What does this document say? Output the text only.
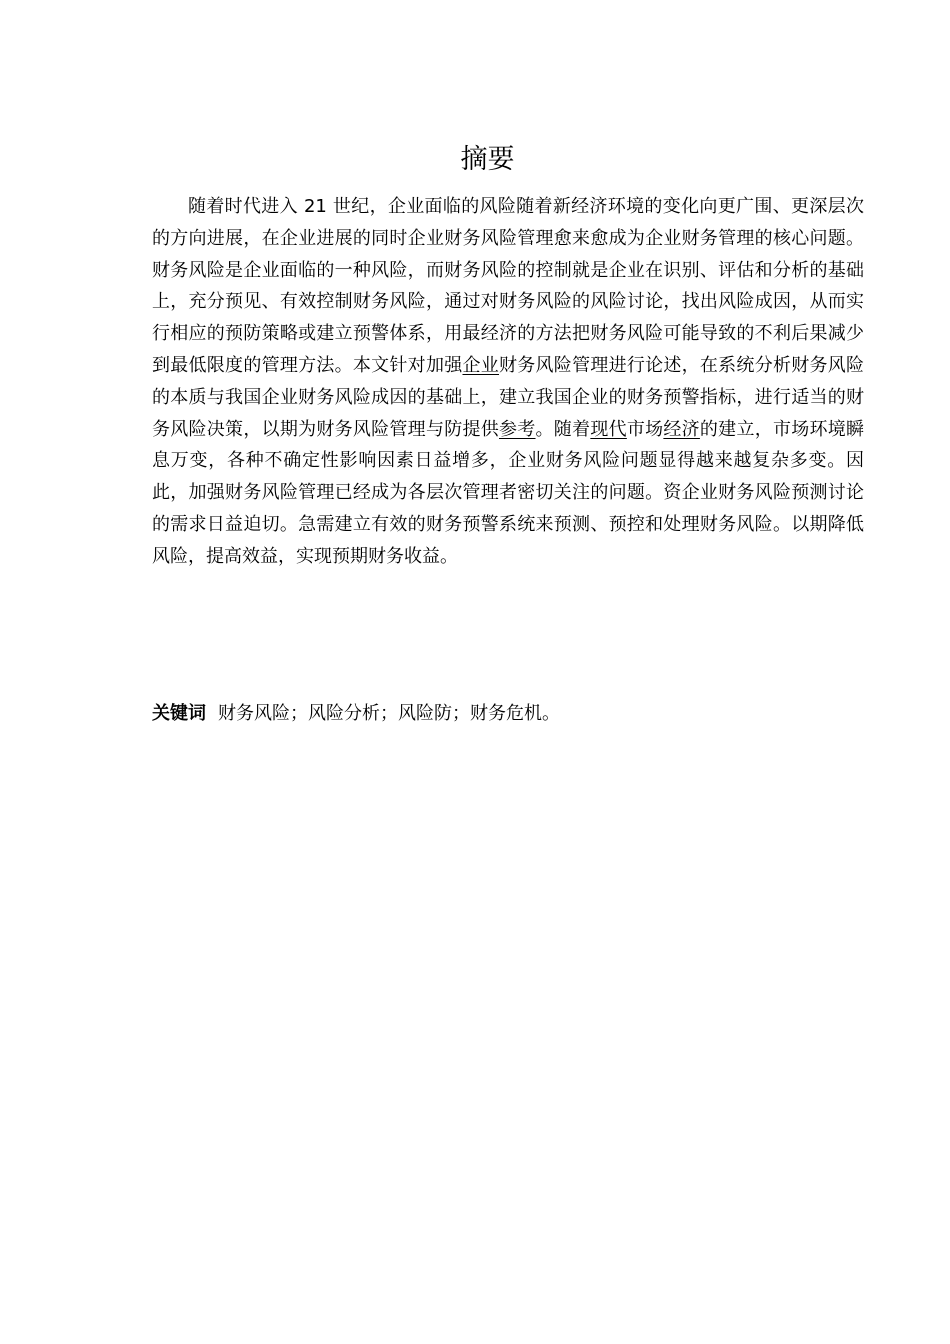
摘要

随着时代进入 21 世纪，企业面临的风险随着新经济环境的变化向更广围、更深层次的方向进展，在企业进展的同时企业财务风险管理愈来愈成为企业财务管理的核心问题。财务风险是企业面临的一种风险，而财务风险的控制就是企业在识别、评估和分析的基础上，充分预见、有效控制财务风险，通过对财务风险的风险讨论，找出风险成因，从而实行相应的预防策略或建立预警体系，用最经济的方法把财务风险可能导致的不利后果减少到最低限度的管理方法。本文针对加强企业财务风险管理进行论述，在系统分析财务风险的本质与我国企业财务风险成因的基础上，建立我国企业的财务预警指标，进行适当的财务风险决策，以期为财务风险管理与防提供参考。随着现代市场经济的建立，市场环境瞬息万变，各种不确定性影响因素日益增多，企业财务风险问题显得越来越复杂多变。因此，加强财务风险管理已经成为各层次管理者密切关注的问题。资企业财务风险预测讨论的需求日益迫切。急需建立有效的财务预警系统来预测、预控和处理财务风险。以期降低风险，提高效益，实现预期财务收益。

关键词 财务风险；风险分析；风险防；财务危机。
